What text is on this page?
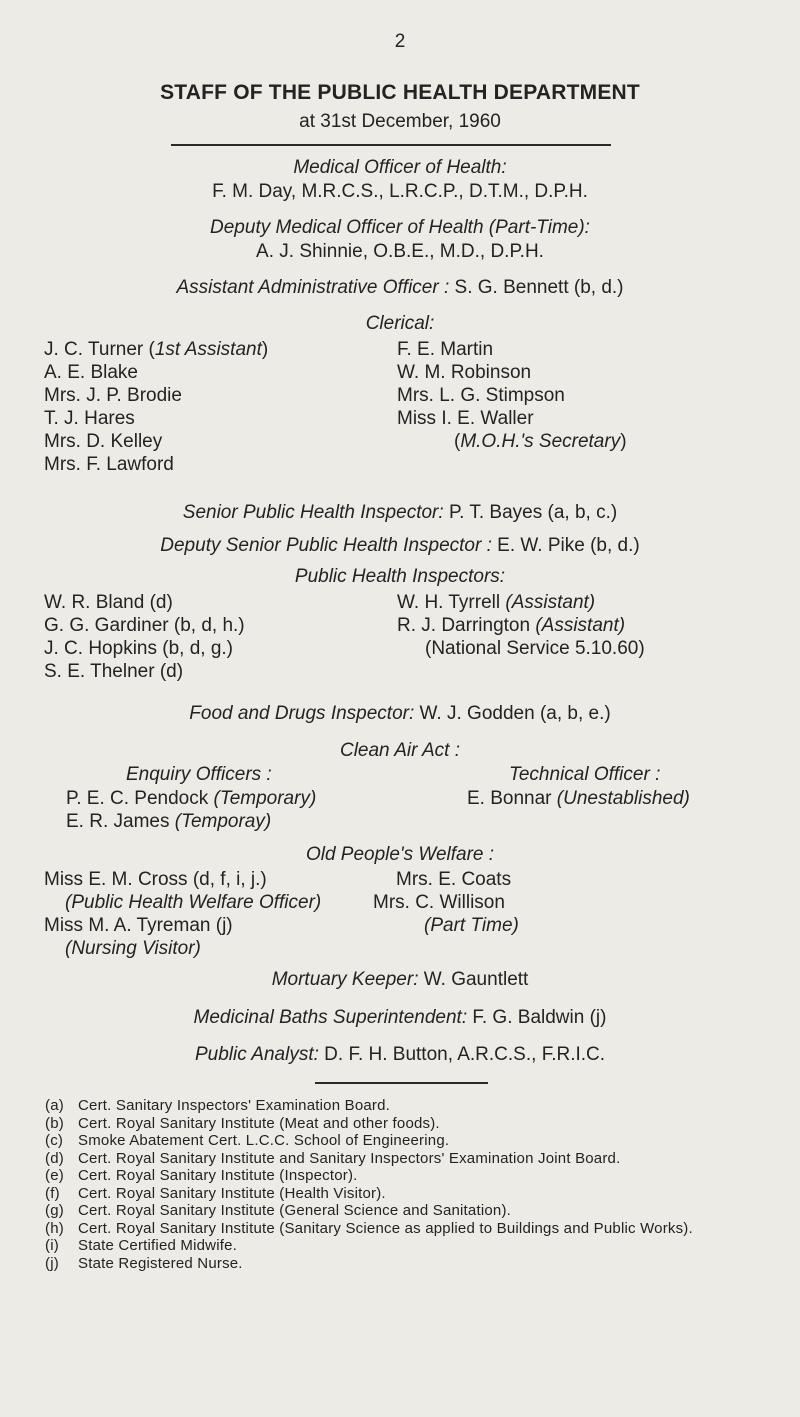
2
STAFF OF THE PUBLIC HEALTH DEPARTMENT
at 31st December, 1960
Medical Officer of Health:
F. M. Day, M.R.C.S., L.R.C.P., D.T.M., D.P.H.
Deputy Medical Officer of Health (Part-Time):
A. J. Shinnie, O.B.E., M.D., D.P.H.
Assistant Administrative Officer : S. G. Bennett (b, d.)
Clerical:
J. C. Turner (1st Assistant)
A. E. Blake
Mrs. J. P. Brodie
T. J. Hares
Mrs. D. Kelley
Mrs. F. Lawford
F. E. Martin
W. M. Robinson
Mrs. L. G. Stimpson
Miss I. E. Waller
(M.O.H.'s Secretary)
Senior Public Health Inspector: P. T. Bayes (a, b, c.)
Deputy Senior Public Health Inspector : E. W. Pike (b, d.)
Public Health Inspectors:
W. R. Bland (d)
G. G. Gardiner (b, d, h.)
J. C. Hopkins (b, d, g.)
S. E. Thelner (d)
W. H. Tyrrell (Assistant)
R. J. Darrington (Assistant)
(National Service 5.10.60)
Food and Drugs Inspector: W. J. Godden (a, b, e.)
Clean Air Act :
Enquiry Officers :	Technical Officer :
P. E. C. Pendock (Temporary)
E. R. James (Temporay)
E. Bonnar (Unestablished)
Old People's Welfare :
Miss E. M. Cross (d, f, i, j.)
(Public Health Welfare Officer)
Miss M. A. Tyreman (j)
(Nursing Visitor)
Mrs. E. Coats
Mrs. C. Willison
(Part Time)
Mortuary Keeper: W. Gauntlett
Medicinal Baths Superintendent: F. G. Baldwin (j)
Public Analyst: D. F. H. Button, A.R.C.S., F.R.I.C.
(a) Cert. Sanitary Inspectors' Examination Board.
(b) Cert. Royal Sanitary Institute (Meat and other foods).
(c) Smoke Abatement Cert. L.C.C. School of Engineering.
(d) Cert. Royal Sanitary Institute and Sanitary Inspectors' Examination Joint Board.
(e) Cert. Royal Sanitary Institute (Inspector).
(f) Cert. Royal Sanitary Institute (Health Visitor).
(g) Cert. Royal Sanitary Institute (General Science and Sanitation).
(h) Cert. Royal Sanitary Institute (Sanitary Science as applied to Buildings and Public Works).
(i) State Certified Midwife.
(j) State Registered Nurse.
